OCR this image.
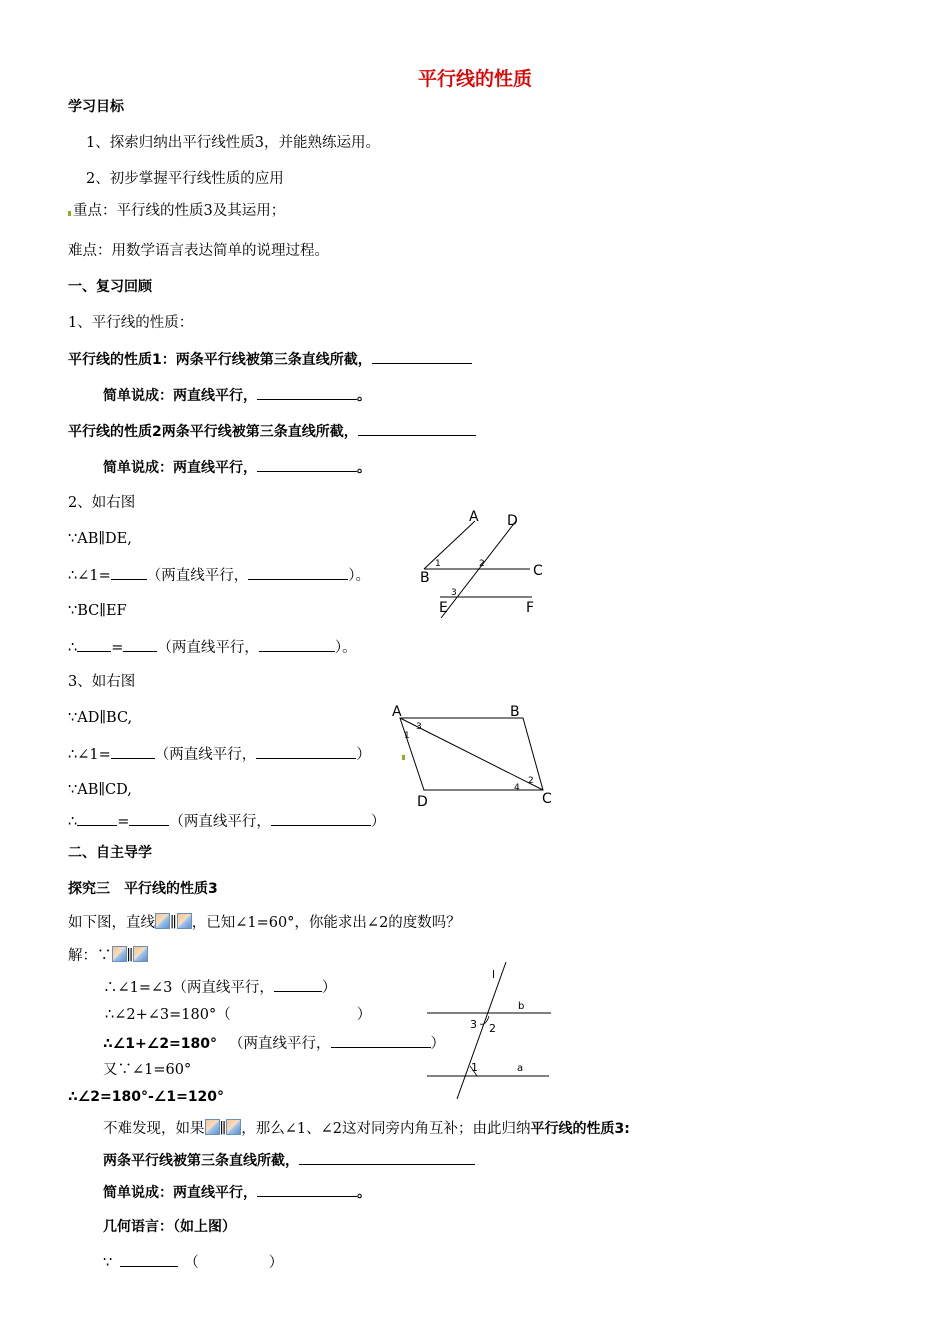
平行线的性质
学习目标
1、探索归纳出平行线性质3，并能熟练运用。
2、初步掌握平行线性质的应用
重点：平行线的性质3及其运用；
难点：用数学语言表达简单的说理过程。
一、复习回顾
1、平行线的性质：
平行线的性质1：两条平行线被第三条直线所截，
简单说成：两直线平行，	。
平行线的性质2两条平行线被第三条直线所截，
简单说成：两直线平行，	。
2、如右图
∵AB∥DE,
∴∠1= （两直线平行，	）。
∵BC∥EF
∴ = （两直线平行，	）。
A D
B	C
E	F
1	2
3
3、如右图
∵AD∥BC,
∴∠1=	（两直线平行，	）
∵AB∥CD,
∴	=	（两直线平行，	）
A	B
C
D
1
2
3
4
二、自主导学
探究三　平行线的性质3
如下图，直线 ∥ ，已知∠1=60°，你能求出∠2的度数吗？
解：∵ ∥
∴∠1=∠3（两直线平行，	）
∴∠2+∠3=180°（	）
∴∠1+∠2=180° （两直线平行，	）
又∵∠1=60°
∴∠2=180°-∠1=120°
l
b
a
3 2
1
不难发现，如果 ∥ ，那么∠1、∠2这对同旁内角互补；由此归纳平行线的性质3:
两条平行线被第三条直线所截，
简单说成：两直线平行，	。
几何语言：（如上图）
∵	（	）
